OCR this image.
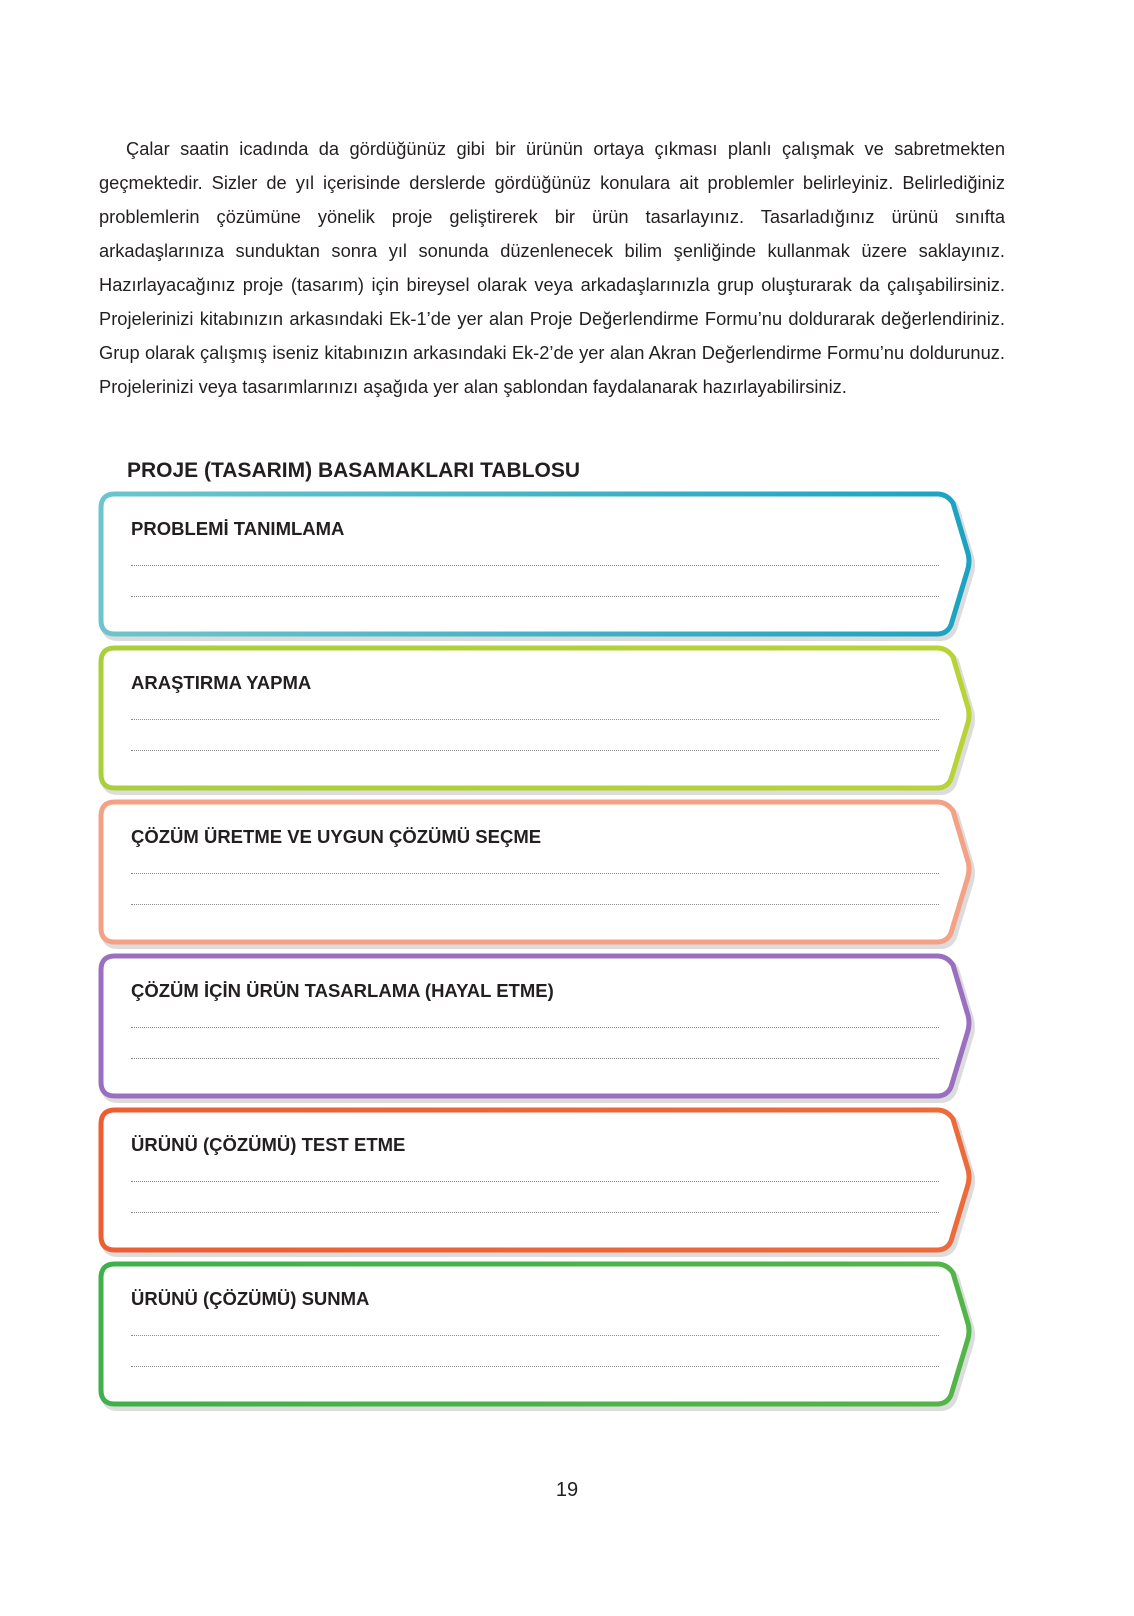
Çalar saatin icadında da gördüğünüz gibi bir ürünün ortaya çıkması planlı çalışmak ve sabretmekten geçmektedir. Sizler de yıl içerisinde derslerde gördüğünüz konulara ait problemler belirleyiniz. Belirlediğiniz problemlerin çözümüne yönelik proje geliştirerek bir ürün tasarlayınız. Tasarladığınız ürünü sınıfta arkadaşlarınıza sunduktan sonra yıl sonunda düzenlenecek bilim şenliğinde kullanmak üzere saklayınız. Hazırlayacağınız proje (tasarım) için bireysel olarak veya arkadaşlarınızla grup oluşturarak da çalışabilirsiniz. Projelerinizi kitabınızın arkasındaki Ek-1’de yer alan Proje Değerlendirme Formu’nu doldurarak değerlendiriniz. Grup olarak çalışmış iseniz kitabınızın arkasındaki Ek-2’de yer alan Akran Değerlendirme Formu’nu doldurunuz. Projelerinizi veya tasarımlarınızı aşağıda yer alan şablondan faydalanarak hazırlayabilirsiniz.

PROJE (TASARIM) BASAMAKLARI TABLOSU
PROBLEMİ TANIMLAMA
ARAŞTIRMA YAPMA
ÇÖZÜM ÜRETME VE UYGUN ÇÖZÜMÜ SEÇME
ÇÖZÜM İÇİN ÜRÜN TASARLAMA (HAYAL ETME)
ÜRÜNÜ (ÇÖZÜMÜ) TEST ETME
ÜRÜNÜ (ÇÖZÜMÜ) SUNMA

19
